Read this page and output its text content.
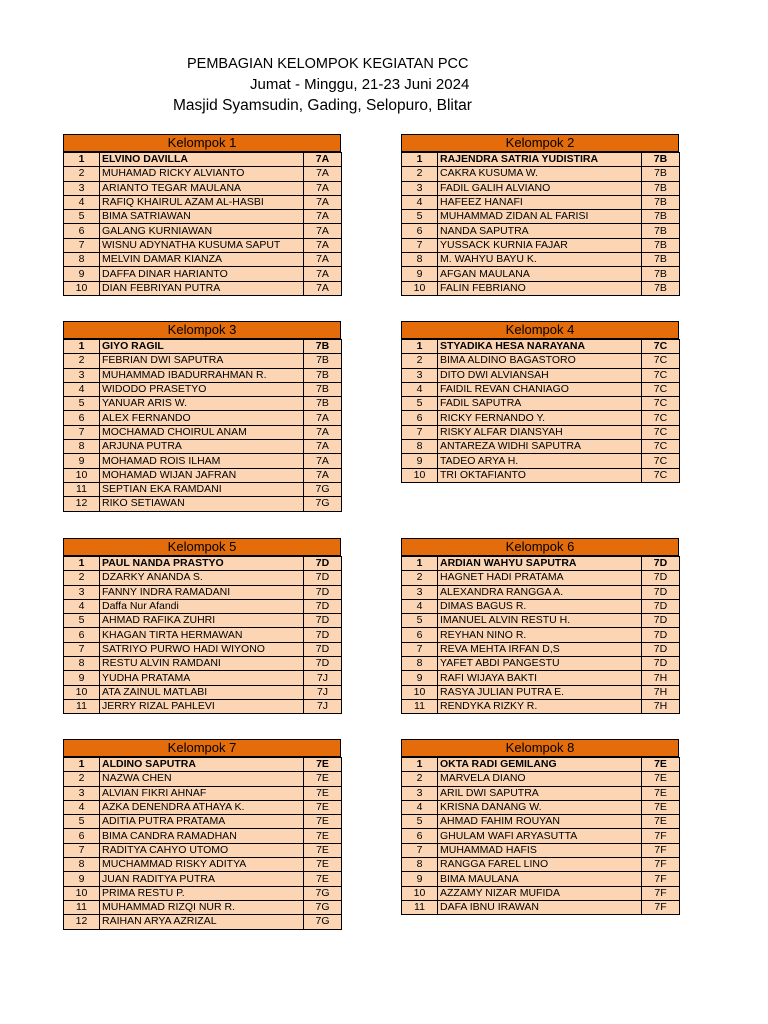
PEMBAGIAN KELOMPOK KEGIATAN PCC
Jumat - Minggu, 21-23 Juni 2024
Masjid Syamsudin, Gading, Selopuro, Blitar
Kelompok 1
1	ELVINO DAVILLA	7A
2	MUHAMAD RICKY ALVIANTO	7A
3	ARIANTO TEGAR MAULANA	7A
4	RAFIQ KHAIRUL AZAM AL-HASBI	7A
5	BIMA SATRIAWAN	7A
6	GALANG KURNIAWAN	7A
7	WISNU ADYNATHA KUSUMA SAPUT	7A
8	MELVIN DAMAR KIANZA	7A
9	DAFFA DINAR HARIANTO	7A
10	DIAN FEBRIYAN PUTRA	7A
Kelompok 2
1	RAJENDRA SATRIA YUDISTIRA	7B
2	CAKRA KUSUMA W.	7B
3	FADIL GALIH ALVIANO	7B
4	HAFEEZ HANAFI	7B
5	MUHAMMAD ZIDAN AL FARISI	7B
6	NANDA SAPUTRA	7B
7	YUSSACK KURNIA FAJAR	7B
8	M. WAHYU BAYU K.	7B
9	AFGAN MAULANA	7B
10	FALIN FEBRIANO	7B
Kelompok 3
1	GIYO RAGIL	7B
2	FEBRIAN DWI SAPUTRA	7B
3	MUHAMMAD IBADURRAHMAN R.	7B
4	WIDODO PRASETYO	7B
5	YANUAR ARIS W.	7B
6	ALEX FERNANDO	7A
7	MOCHAMAD CHOIRUL ANAM	7A
8	ARJUNA PUTRA	7A
9	MOHAMAD ROIS ILHAM	7A
10	MOHAMAD WIJAN JAFRAN	7A
11	SEPTIAN EKA RAMDANI	7G
12	RIKO SETIAWAN	7G
Kelompok 4
1	STYADIKA HESA NARAYANA	7C
2	BIMA ALDINO BAGASTORO	7C
3	DITO DWI ALVIANSAH	7C
4	FAIDIL REVAN CHANIAGO	7C
5	FADIL SAPUTRA	7C
6	RICKY FERNANDO Y.	7C
7	RISKY ALFAR DIANSYAH	7C
8	ANTAREZA WIDHI SAPUTRA	7C
9	TADEO ARYA H.	7C
10	TRI OKTAFIANTO	7C
Kelompok 5
1	PAUL NANDA PRASTYO	7D
2	DZARKY ANANDA S.	7D
3	FANNY INDRA RAMADANI	7D
4	Daffa Nur Afandi	7D
5	AHMAD RAFIKA ZUHRI	7D
6	KHAGAN TIRTA HERMAWAN	7D
7	SATRIYO PURWO HADI WIYONO	7D
8	RESTU ALVIN RAMDANI	7D
9	YUDHA PRATAMA	7J
10	ATA ZAINUL MATLABI	7J
11	JERRY RIZAL PAHLEVI	7J
Kelompok 6
1	ARDIAN WAHYU SAPUTRA	7D
2	HAGNET HADI PRATAMA	7D
3	ALEXANDRA RANGGA A.	7D
4	DIMAS BAGUS R.	7D
5	IMANUEL ALVIN RESTU H.	7D
6	REYHAN NINO R.	7D
7	REVA MEHTA IRFAN D,S	7D
8	YAFET ABDI PANGESTU	7D
9	RAFI WIJAYA BAKTI	7H
10	RASYA JULIAN PUTRA E.	7H
11	RENDYKA RIZKY R.	7H
Kelompok 7
1	ALDINO SAPUTRA	7E
2	NAZWA CHEN	7E
3	ALVIAN FIKRI AHNAF	7E
4	AZKA DENENDRA ATHAYA K.	7E
5	ADITIA PUTRA PRATAMA	7E
6	BIMA CANDRA RAMADHAN	7E
7	RADITYA CAHYO UTOMO	7E
8	MUCHAMMAD RISKY ADITYA	7E
9	JUAN RADITYA PUTRA	7E
10	PRIMA RESTU P.	7G
11	MUHAMMAD RIZQI NUR R.	7G
12	RAIHAN ARYA AZRIZAL	7G
Kelompok 8
1	OKTA RADI GEMILANG	7E
2	MARVELA DIANO	7E
3	ARIL DWI SAPUTRA	7E
4	KRISNA DANANG W.	7E
5	AHMAD FAHIM ROUYAN	7E
6	GHULAM WAFI ARYASUTTA	7F
7	MUHAMMAD HAFIS	7F
8	RANGGA FAREL LINO	7F
9	BIMA MAULANA	7F
10	AZZAMY NIZAR MUFIDA	7F
11	DAFA IBNU IRAWAN	7F
